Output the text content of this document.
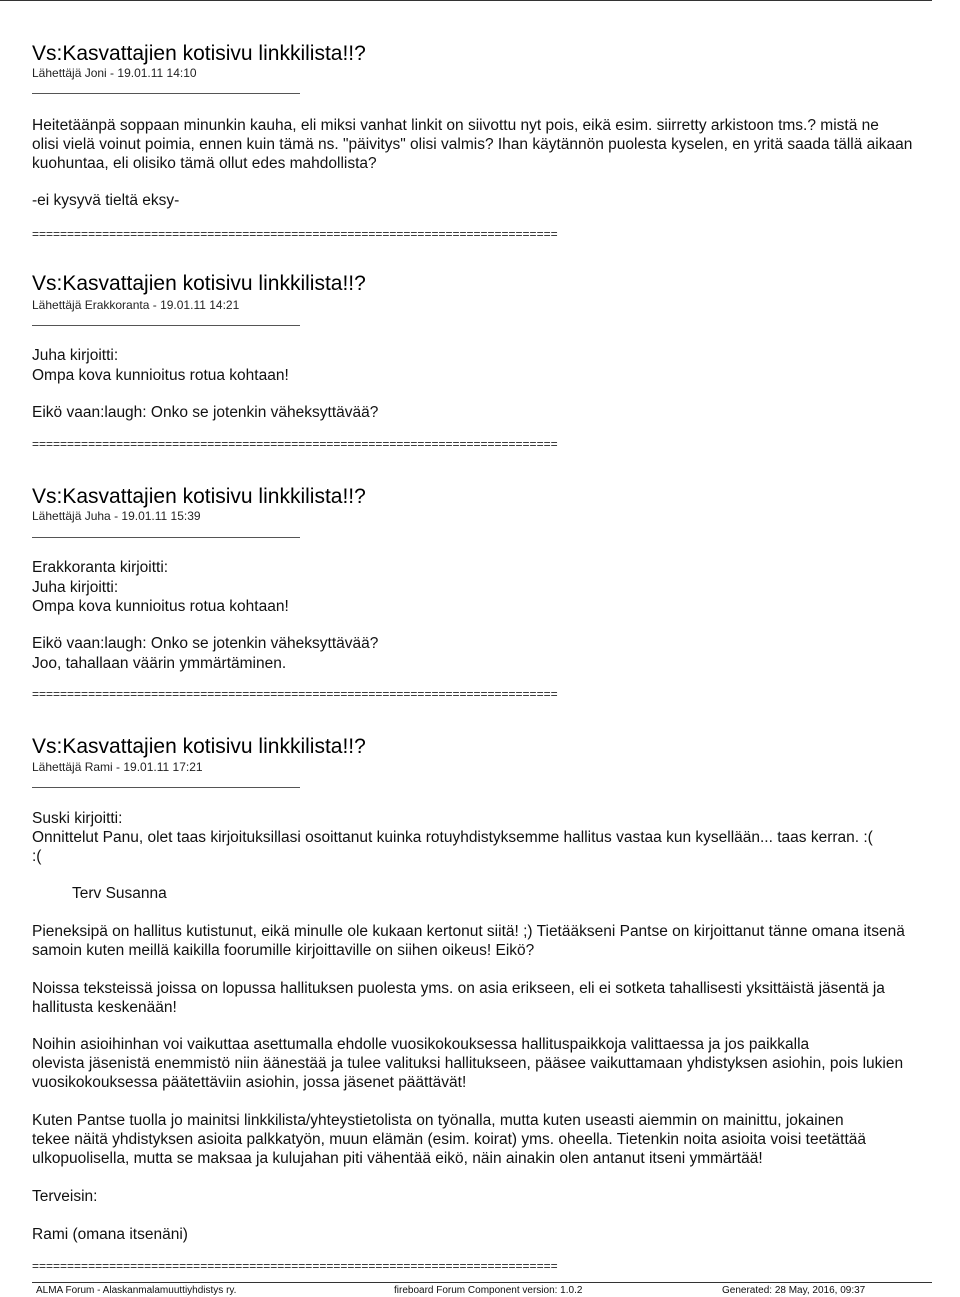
Vs:Kasvattajien kotisivu linkkilista!!?
Lähettäjä Joni - 19.01.11 14:10
Heitetäänpä soppaan minunkin kauha, eli miksi vanhat linkit on siivottu nyt pois, eikä esim. siirretty arkistoon tms.? mistä ne
olisi vielä voinut poimia, ennen kuin tämä ns. "päivitys" olisi valmis? Ihan käytännön puolesta kyselen, en yritä saada tällä aikaan
kuohuntaa, eli olisiko tämä ollut edes mahdollista?
-ei kysyvä tieltä eksy-
===========================================================================
Vs:Kasvattajien kotisivu linkkilista!!?
Lähettäjä Erakkoranta - 19.01.11 14:21
Juha kirjoitti:
Ompa kova kunnioitus rotua kohtaan!
Eikö vaan:laugh: Onko se jotenkin väheksyttävää?
===========================================================================
Vs:Kasvattajien kotisivu linkkilista!!?
Lähettäjä Juha - 19.01.11 15:39
Erakkoranta kirjoitti:
Juha kirjoitti:
Ompa kova kunnioitus rotua kohtaan!
Eikö vaan:laugh: Onko se jotenkin väheksyttävää?
Joo, tahallaan väärin ymmärtäminen.
===========================================================================
Vs:Kasvattajien kotisivu linkkilista!!?
Lähettäjä Rami - 19.01.11 17:21
Suski kirjoitti:
Onnittelut Panu, olet taas kirjoituksillasi osoittanut kuinka rotuyhdistyksemme hallitus vastaa kun kysellään... taas kerran. :(
:(
Terv Susanna
Pieneksipä on hallitus kutistunut, eikä minulle ole kukaan kertonut siitä! ;) Tietääkseni Pantse on kirjoittanut tänne omana itsenä
samoin kuten meillä kaikilla foorumille kirjoittaville on siihen oikeus! Eikö?
Noissa teksteissä joissa on lopussa hallituksen puolesta yms. on asia erikseen, eli ei sotketa tahallisesti yksittäistä jäsentä ja
hallitusta keskenään!
Noihin asioihinhan voi vaikuttaa asettumalla ehdolle vuosikokouksessa hallituspaikkoja valittaessa ja jos paikkalla
olevista jäsenistä enemmistö niin äänestää ja tulee valituksi hallitukseen, pääsee vaikuttamaan yhdistyksen asiohin, pois lukien
vuosikokouksessa päätettäviin asiohin, jossa jäsenet päättävät!
Kuten Pantse tuolla jo mainitsi linkkilista/yhteystietolista on työnalla, mutta kuten useasti aiemmin on mainittu, jokainen
tekee näitä yhdistyksen asioita palkkatyön, muun elämän (esim. koirat) yms. oheella. Tietenkin noita asioita voisi teetättää
ulkopuolisella, mutta se maksaa ja kulujahan piti vähentää eikö, näin ainakin olen antanut itseni ymmärtää!
Terveisin:
Rami (omana itsenäni)
===========================================================================
ALMA Forum - Alaskanmalamuuttiyhdistys ry.	fireboard Forum Component version: 1.0.2	Generated: 28 May, 2016, 09:37
